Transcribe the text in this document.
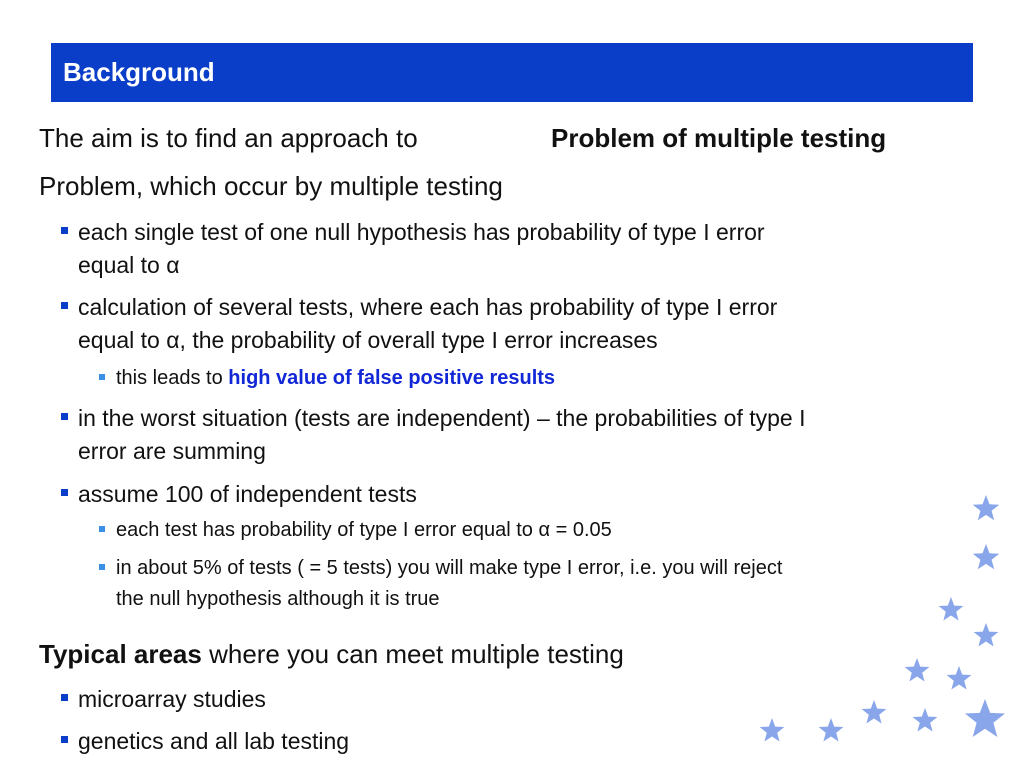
Background
The aim is to find an approach to	Problem of multiple testing
Problem, which occur by multiple testing
each single test of one null hypothesis has probability of type I error
equal to α
calculation of several tests, where each has probability of type I error
equal to α, the probability of overall type I error increases
this leads to high value of false positive results
in the worst situation (tests are independent) – the probabilities of type I
error are summing
assume 100 of independent tests
each test has probability of type I error equal to α = 0.05
in about 5% of tests ( = 5 tests) you will make type I error, i.e. you will reject
the null hypothesis although it is true
Typical areas where you can meet multiple testing
microarray studies
genetics and all lab testing
